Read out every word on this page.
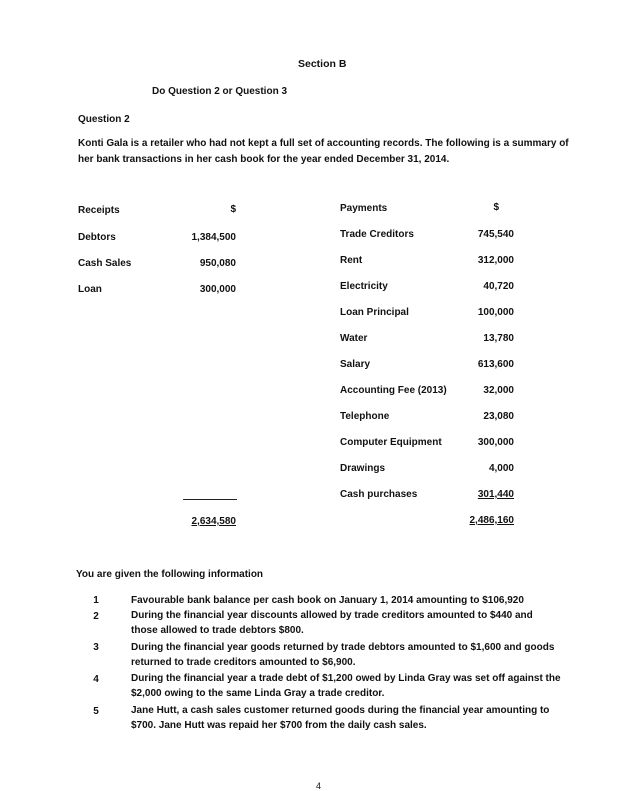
Section B
Do Question 2 or Question 3
Question 2
Konti Gala is a retailer who had not kept a full set of accounting records. The following is a summary of her bank transactions in her cash book for the year ended December 31, 2014.
Receipts	$
Debtors	1,384,500
Cash Sales	950,080
Loan	300,000
2,634,580
Payments	$
Trade Creditors	745,540
Rent	312,000
Electricity	40,720
Loan Principal	100,000
Water	13,780
Salary	613,600
Accounting Fee (2013)	32,000
Telephone	23,080
Computer Equipment	300,000
Drawings	4,000
Cash purchases	301,440
2,486,160
You are given the following information
1	Favourable bank balance per cash book on January 1, 2014 amounting to $106,920
2	During the financial year discounts allowed by trade creditors amounted to $440 and those allowed to trade debtors $800.
3	During the financial year goods returned by trade debtors amounted to $1,600 and goods returned to trade creditors amounted to $6,900.
4	During the financial year a trade debt of $1,200 owed by Linda Gray was set off against the $2,000 owing to the same Linda Gray a trade creditor.
5	Jane Hutt, a cash sales customer returned goods during the financial year amounting to $700. Jane Hutt was repaid her $700 from the daily cash sales.
4
